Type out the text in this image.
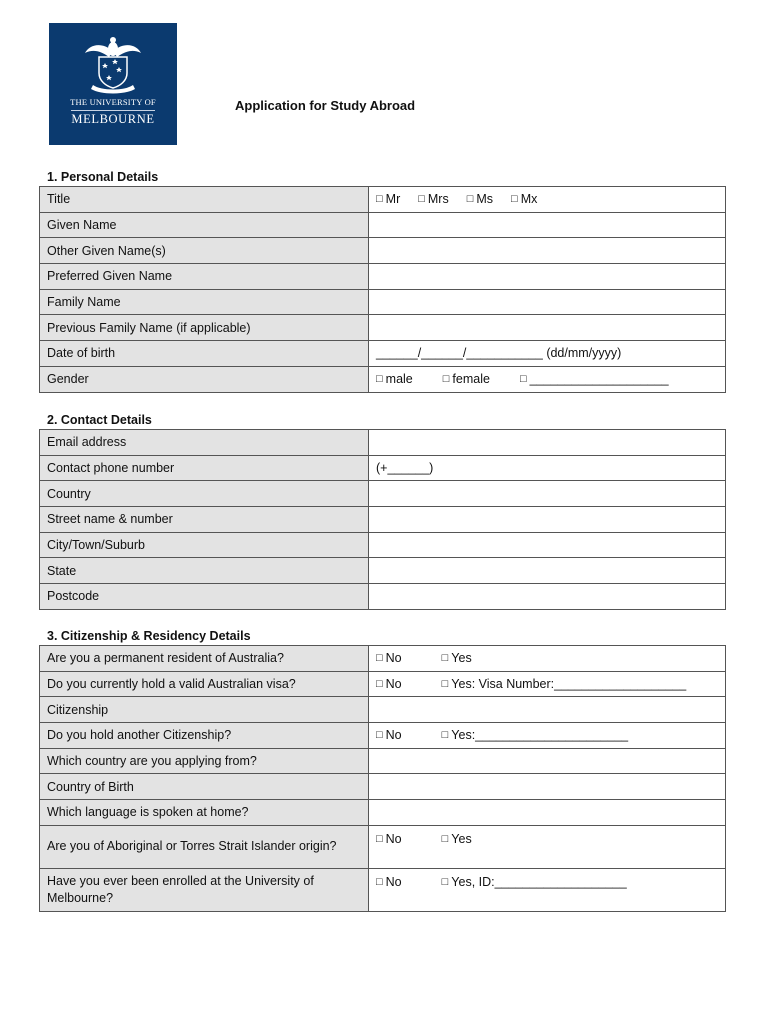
THE UNIVERSITY OF
MELBOURNE
Application for Study Abroad
1. Personal Details
Title	□ Mr □ Mrs □ Ms □ Mx
Given Name	
Other Given Name(s)	
Preferred Given Name	
Family Name	
Previous Family Name (if applicable)	
Date of birth	______/______/___________ (dd/mm/yyyy)
Gender	□ male □ female □ ____________________
2. Contact Details
Email address	
Contact phone number	(+______)
Country	
Street name & number	
City/Town/Suburb	
State	
Postcode	
3. Citizenship & Residency Details
Are you a permanent resident of Australia?	□ No □ Yes
Do you currently hold a valid Australian visa?	□ No □ Yes: Visa Number:___________________
Citizenship	
Do you hold another Citizenship?	□ No □ Yes:______________________
Which country are you applying from?	
Country of Birth	
Which language is spoken at home?	
Are you of Aboriginal or Torres Strait Islander origin?	□ No □ Yes
Have you ever been enrolled at the University of Melbourne?	□ No □ Yes, ID:___________________
